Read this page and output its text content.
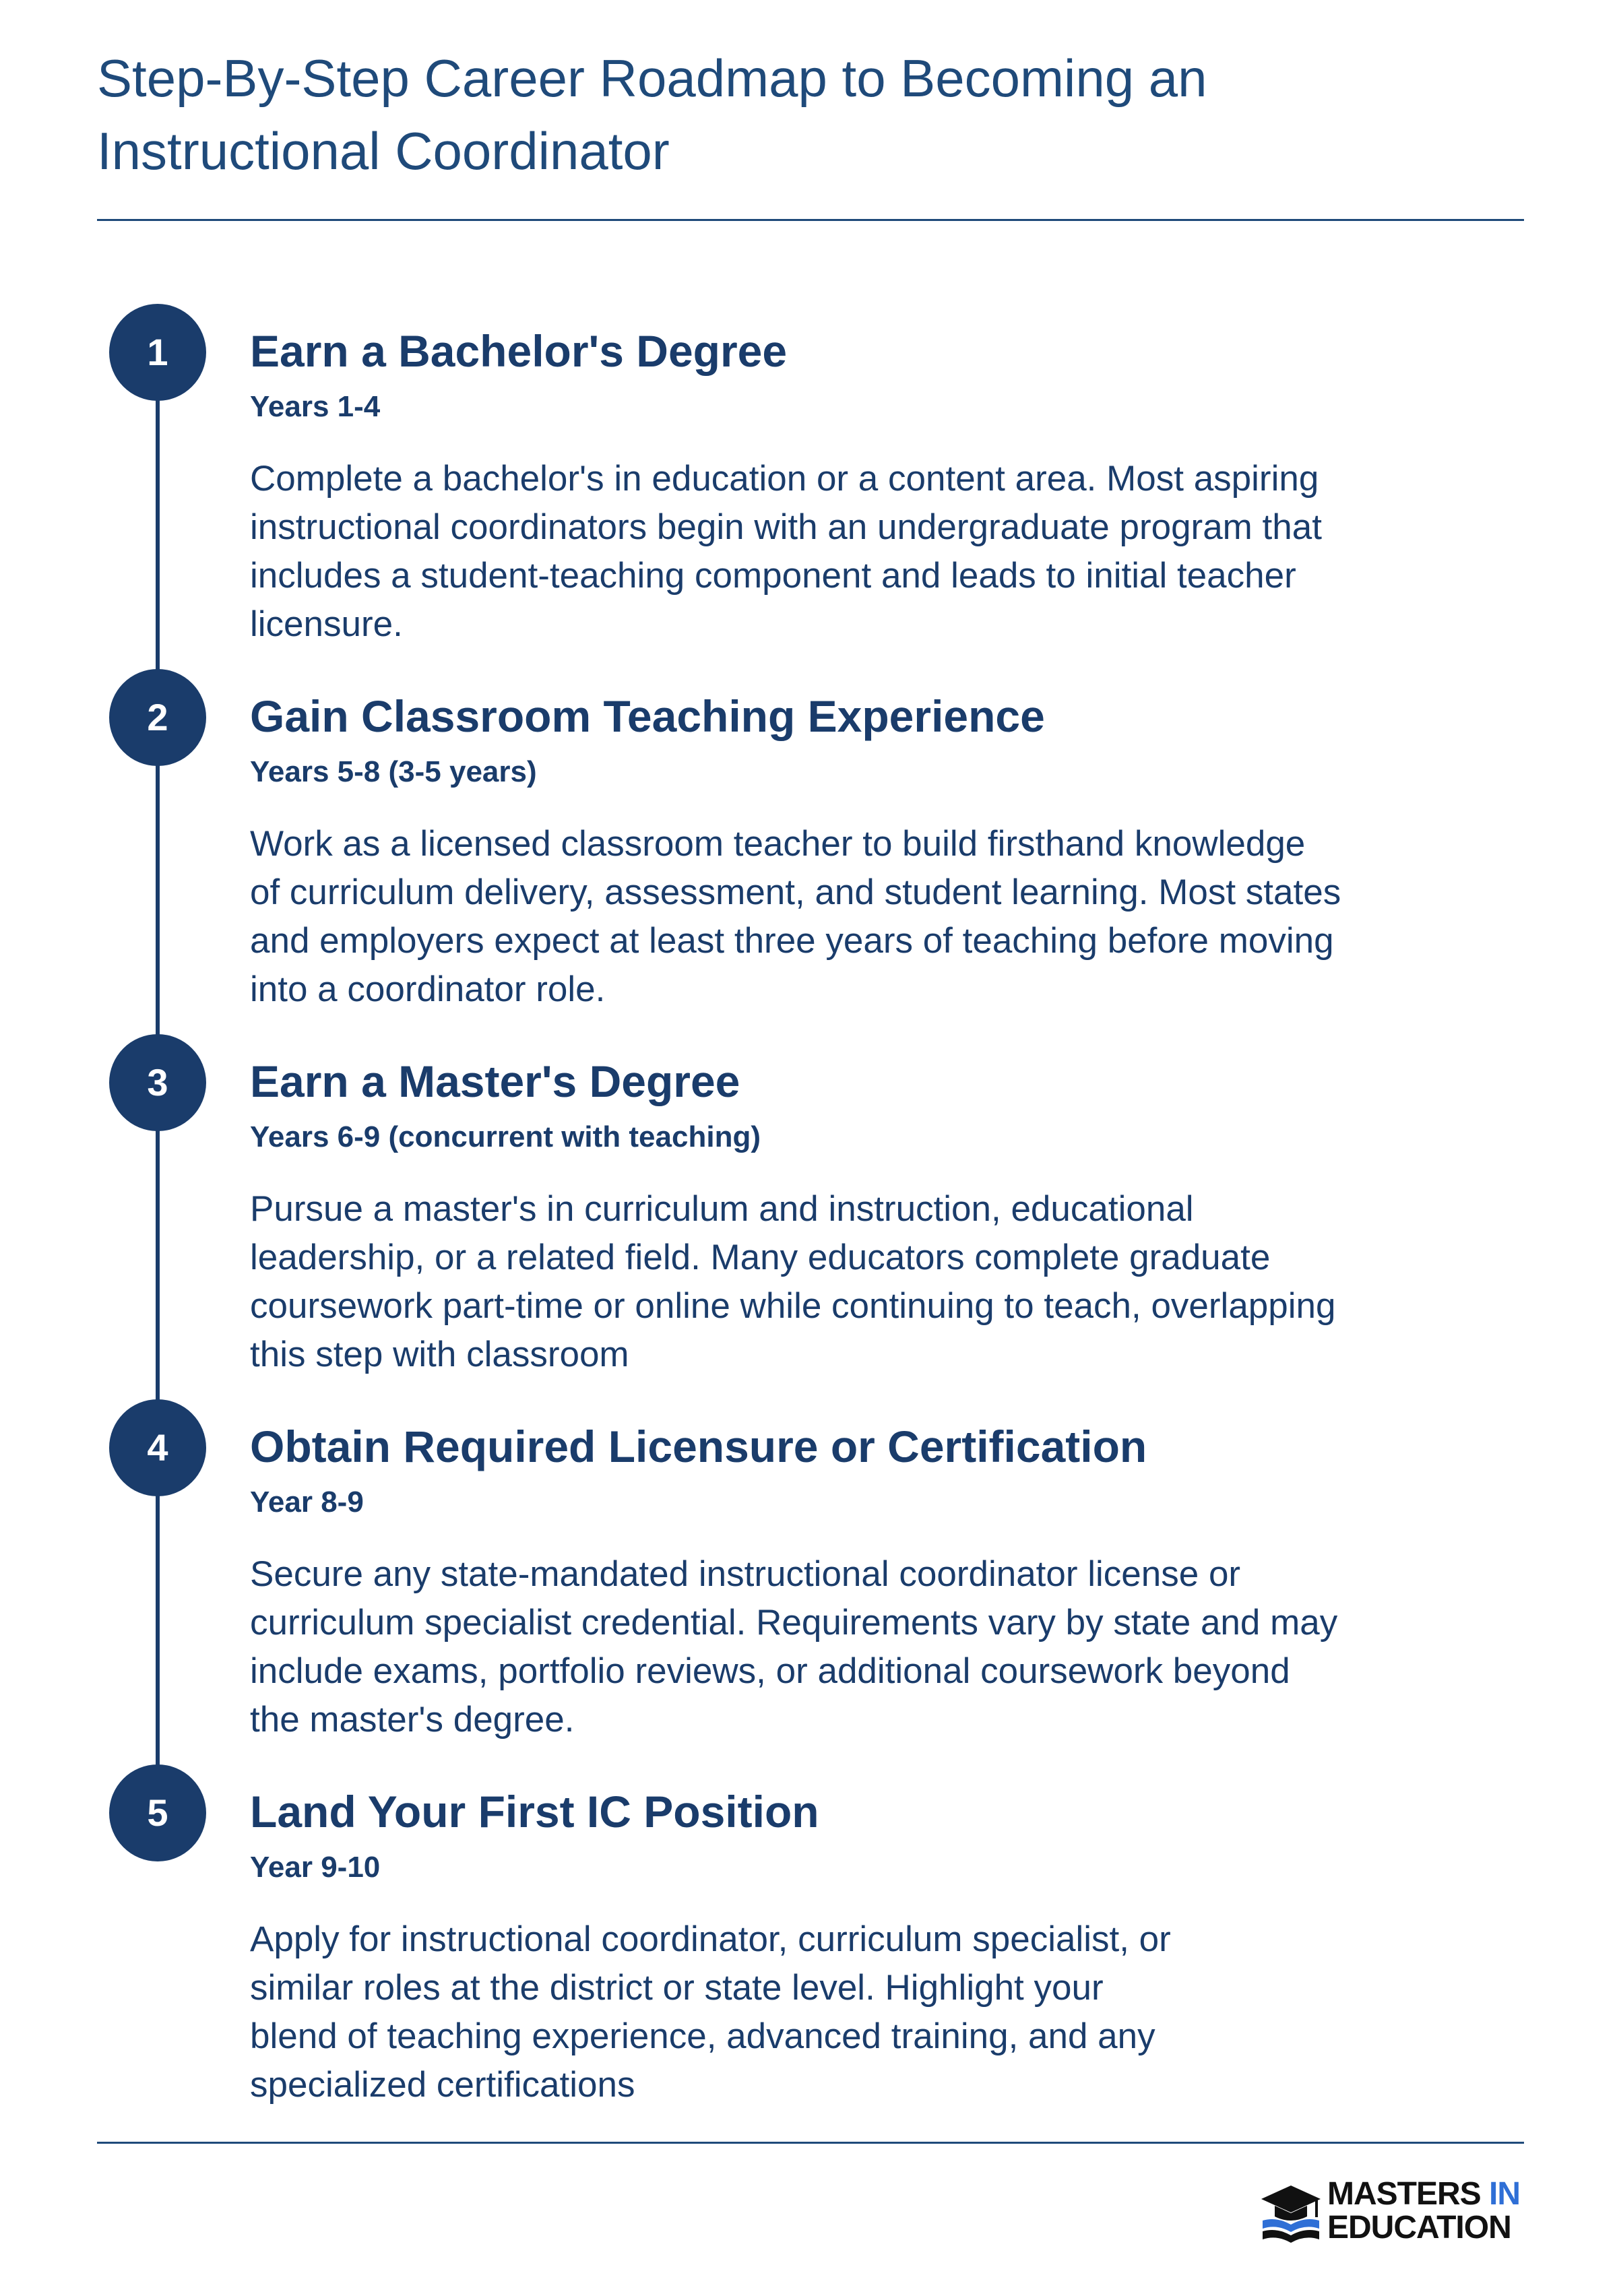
Step-By-Step Career Roadmap to Becoming an Instructional Coordinator
1	Earn a Bachelor's Degree

Years 1-4

Complete a bachelor's in education or a content area. Most aspiring instructional coordinators begin with an undergraduate program that includes a student-teaching component and leads to initial teacher licensure.

2	Gain Classroom Teaching Experience

Years 5-8 (3-5 years)

Work as a licensed classroom teacher to build firsthand knowledge of curriculum delivery, assessment, and student learning. Most states and employers expect at least three years of teaching before moving into a coordinator role.

3	Earn a Master's Degree

Years 6-9 (concurrent with teaching)

Pursue a master's in curriculum and instruction, educational leadership, or a related field. Many educators complete graduate coursework part-time or online while continuing to teach, overlapping this step with classroom

4	Obtain Required Licensure or Certification

Year 8-9

Secure any state-mandated instructional coordinator license or curriculum specialist credential. Requirements vary by state and may include exams, portfolio reviews, or additional coursework beyond the master's degree.

5	Land Your First IC Position

Year 9-10

Apply for instructional coordinator, curriculum specialist, or similar roles at the district or state level. Highlight your blend of teaching experience, advanced training, and any specialized certifications

MASTERS IN
EDUCATION
